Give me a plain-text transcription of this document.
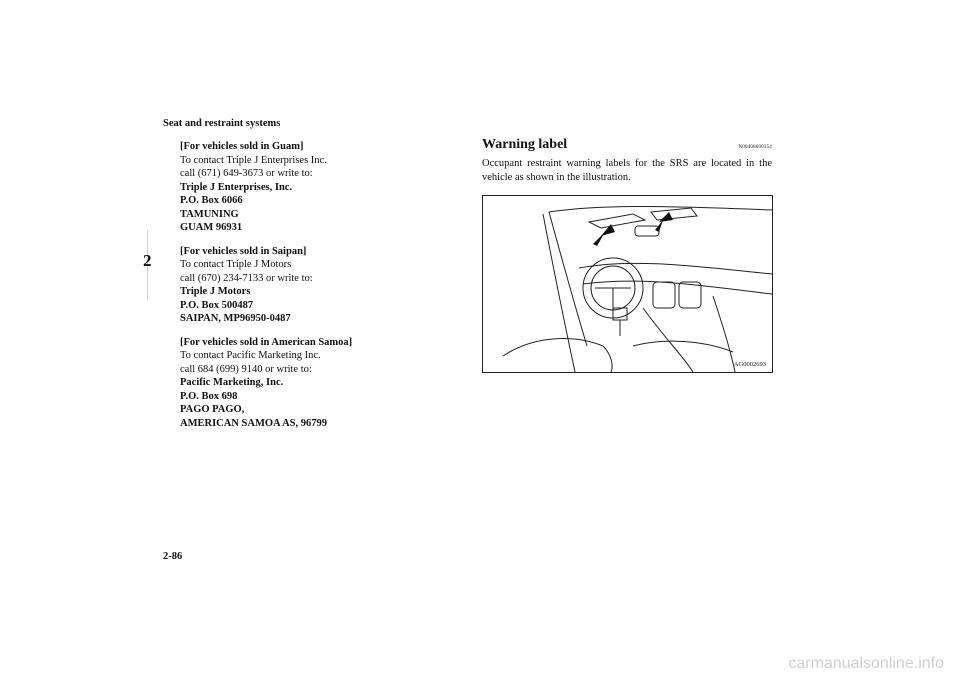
Seat and restraint systems
2

[For vehicles sold in Guam]

To contact Triple J Enterprises Inc.

call (671) 649-3673 or write to:

Triple J Enterprises, Inc.

P.O. Box 6066

TAMUNING

GUAM 96931

[For vehicles sold in Saipan]

To contact Triple J Motors

call (670) 234-7133 or write to:

Triple J Motors

P.O. Box 500487

SAIPAN, MP96950-0487

[For vehicles sold in American Samoa]

To contact Pacific Marketing Inc.

call 684 (699) 9140 or write to:

Pacific Marketing, Inc.

P.O. Box 698

PAGO PAGO,

AMERICAN SAMOA AS, 96799

Warning label	N00408600354
Occupant restraint warning labels for the SRS are located in the vehicle as shown in the illustration.
AG0002693
2-86
carmanualsonline.info
